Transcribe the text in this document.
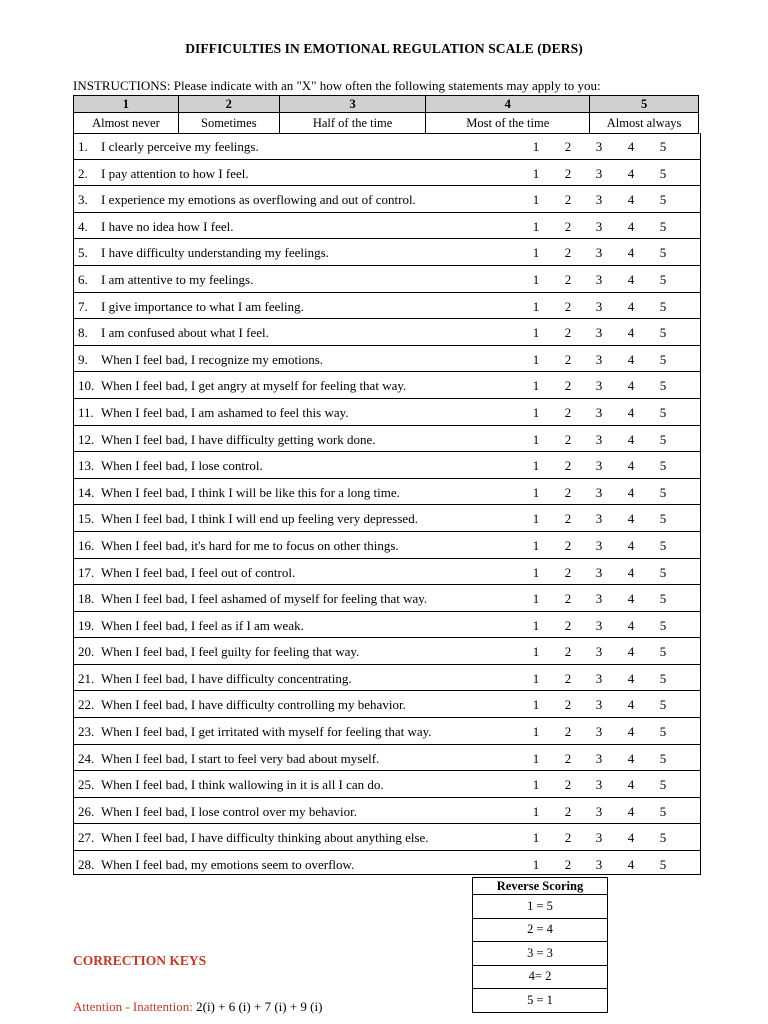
DIFFICULTIES IN EMOTIONAL REGULATION SCALE (DERS)
INSTRUCTIONS: Please indicate with an "X" how often the following statements may apply to you:
1	2	3	4	5
Almost never	Sometimes	Half of the time	Most of the time	Almost always
1. I clearly perceive my feelings.	1 2 3 4 5
2. I pay attention to how I feel.	1 2 3 4 5
3. I experience my emotions as overflowing and out of control.	1 2 3 4 5
4. I have no idea how I feel.	1 2 3 4 5
5. I have difficulty understanding my feelings.	1 2 3 4 5
6. I am attentive to my feelings.	1 2 3 4 5
7. I give importance to what I am feeling.	1 2 3 4 5
8. I am confused about what I feel.	1 2 3 4 5
9. When I feel bad, I recognize my emotions.	1 2 3 4 5
10. When I feel bad, I get angry at myself for feeling that way.	1 2 3 4 5
11. When I feel bad, I am ashamed to feel this way.	1 2 3 4 5
12. When I feel bad, I have difficulty getting work done.	1 2 3 4 5
13. When I feel bad, I lose control.	1 2 3 4 5
14. When I feel bad, I think I will be like this for a long time.	1 2 3 4 5
15. When I feel bad, I think I will end up feeling very depressed.	1 2 3 4 5
16. When I feel bad, it's hard for me to focus on other things.	1 2 3 4 5
17. When I feel bad, I feel out of control.	1 2 3 4 5
18. When I feel bad, I feel ashamed of myself for feeling that way.	1 2 3 4 5
19. When I feel bad, I feel as if I am weak.	1 2 3 4 5
20. When I feel bad, I feel guilty for feeling that way.	1 2 3 4 5
21. When I feel bad, I have difficulty concentrating.	1 2 3 4 5
22. When I feel bad, I have difficulty controlling my behavior.	1 2 3 4 5
23. When I feel bad, I get irritated with myself for feeling that way.	1 2 3 4 5
24. When I feel bad, I start to feel very bad about myself.	1 2 3 4 5
25. When I feel bad, I think wallowing in it is all I can do.	1 2 3 4 5
26. When I feel bad, I lose control over my behavior.	1 2 3 4 5
27. When I feel bad, I have difficulty thinking about anything else.	1 2 3 4 5
28. When I feel bad, my emotions seem to overflow.	1 2 3 4 5
Reverse Scoring
1 = 5
2 = 4
3 = 3
4= 2
5 = 1
CORRECTION KEYS
Attention - Inattention: 2(i) + 6 (i) + 7 (i) + 9 (i)
